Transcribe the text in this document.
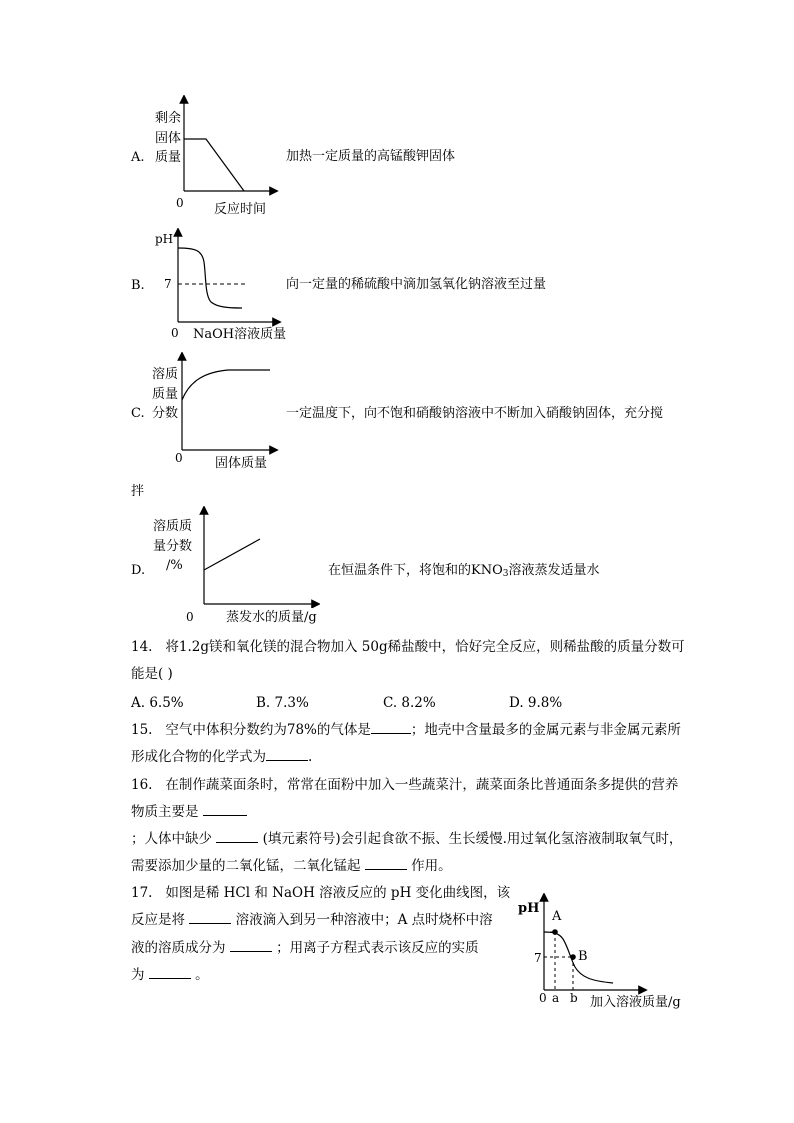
A.
剩余
固体
质量
0 反应时间
加热一定质量的高锰酸钾固体
B.
pH
7
0 NaOH溶液质量
向一定量的稀硫酸中滴加氢氧化钠溶液至过量
C.
溶质
质量
分数
0 固体质量
一定温度下，向不饱和硝酸钠溶液中不断加入硝酸钠固体，充分搅
拌
D.
溶质质
量分数
/%
0 蒸发水的质量/g
在恒温条件下，将饱和的$KNO_3$溶液蒸发适量水
14. 将1.2g镁和氧化镁的混合物加入 50g稀盐酸中，恰好完全反应，则稀盐酸的质量分数可
能是( )
A. 6.5%	B. 7.3%	C. 8.2%	D. 9.8%
15. 空气中体积分数约为78%的气体是	；地壳中含量最多的金属元素与非金属元素所
形成化合物的化学式为	.
16. 在制作蔬菜面条时，常常在面粉中加入一些蔬菜汁，蔬菜面条比普通面条多提供的营养
物质主要是
；人体中缺少	(填元素符号)会引起食欲不振、生长缓慢.用过氧化氢溶液制取氧气时，
需要添加少量的二氧化锰，二氧化锰起	作用。
17. 如图是稀 HCl 和 NaOH 溶液反应的 pH 变化曲线图，该
反应是将	溶液滴入到另一种溶液中；A 点时烧杯中溶
液的溶质成分为	；用离子方程式表示该反应的实质
为	。
pH
A
B
7
0 a b 加入溶液质量/g
